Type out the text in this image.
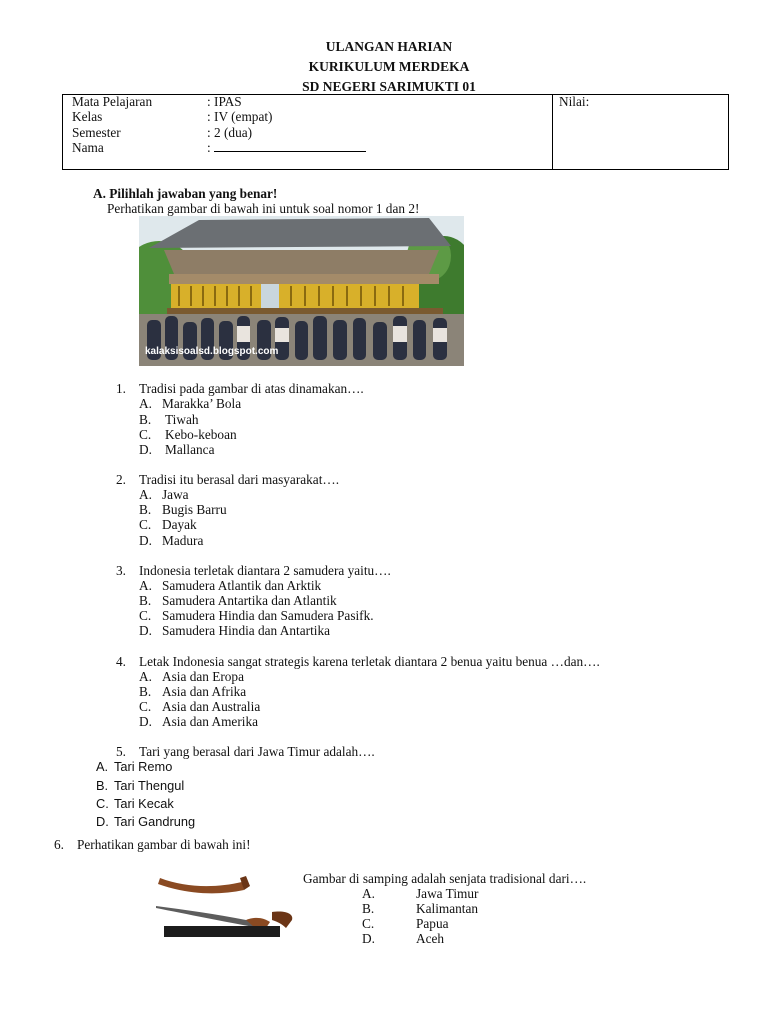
ULANGAN HARIAN
KURIKULUM MERDEKA
SD NEGERI SARIMUKTI 01
Mata Pelajaran	: IPAS
Kelas	: IV (empat)
Semester	: 2 (dua)
Nama	:
Nilai:
A. Pilihlah jawaban yang benar!
Perhatikan gambar di bawah ini untuk soal nomor 1 dan 2!
kalaksisoalsd.blogspot.com
1. Tradisi pada gambar di atas dinamakan….
A. Marakka’ Bola
B. Tiwah
C. Kebo-keboan
D. Mallanca
2. Tradisi itu berasal dari masyarakat….
A. Jawa
B. Bugis Barru
C. Dayak
D. Madura
3. Indonesia terletak diantara 2 samudera yaitu….
A. Samudera Atlantik dan Arktik
B. Samudera Antartika dan Atlantik
C. Samudera Hindia dan Samudera Pasifk.
D. Samudera Hindia dan Antartika
4. Letak Indonesia sangat strategis karena terletak diantara 2 benua yaitu benua …dan….
A. Asia dan Eropa
B. Asia dan Afrika
C. Asia dan Australia
D. Asia dan Amerika
5. Tari yang berasal dari Jawa Timur adalah….
A. Tari Remo
B. Tari Thengul
C. Tari Kecak
D. Tari Gandrung
6. Perhatikan gambar di bawah ini!
Gambar di samping adalah senjata tradisional dari….
A.	Jawa Timur
B.	Kalimantan
C.	Papua
D.	Aceh
